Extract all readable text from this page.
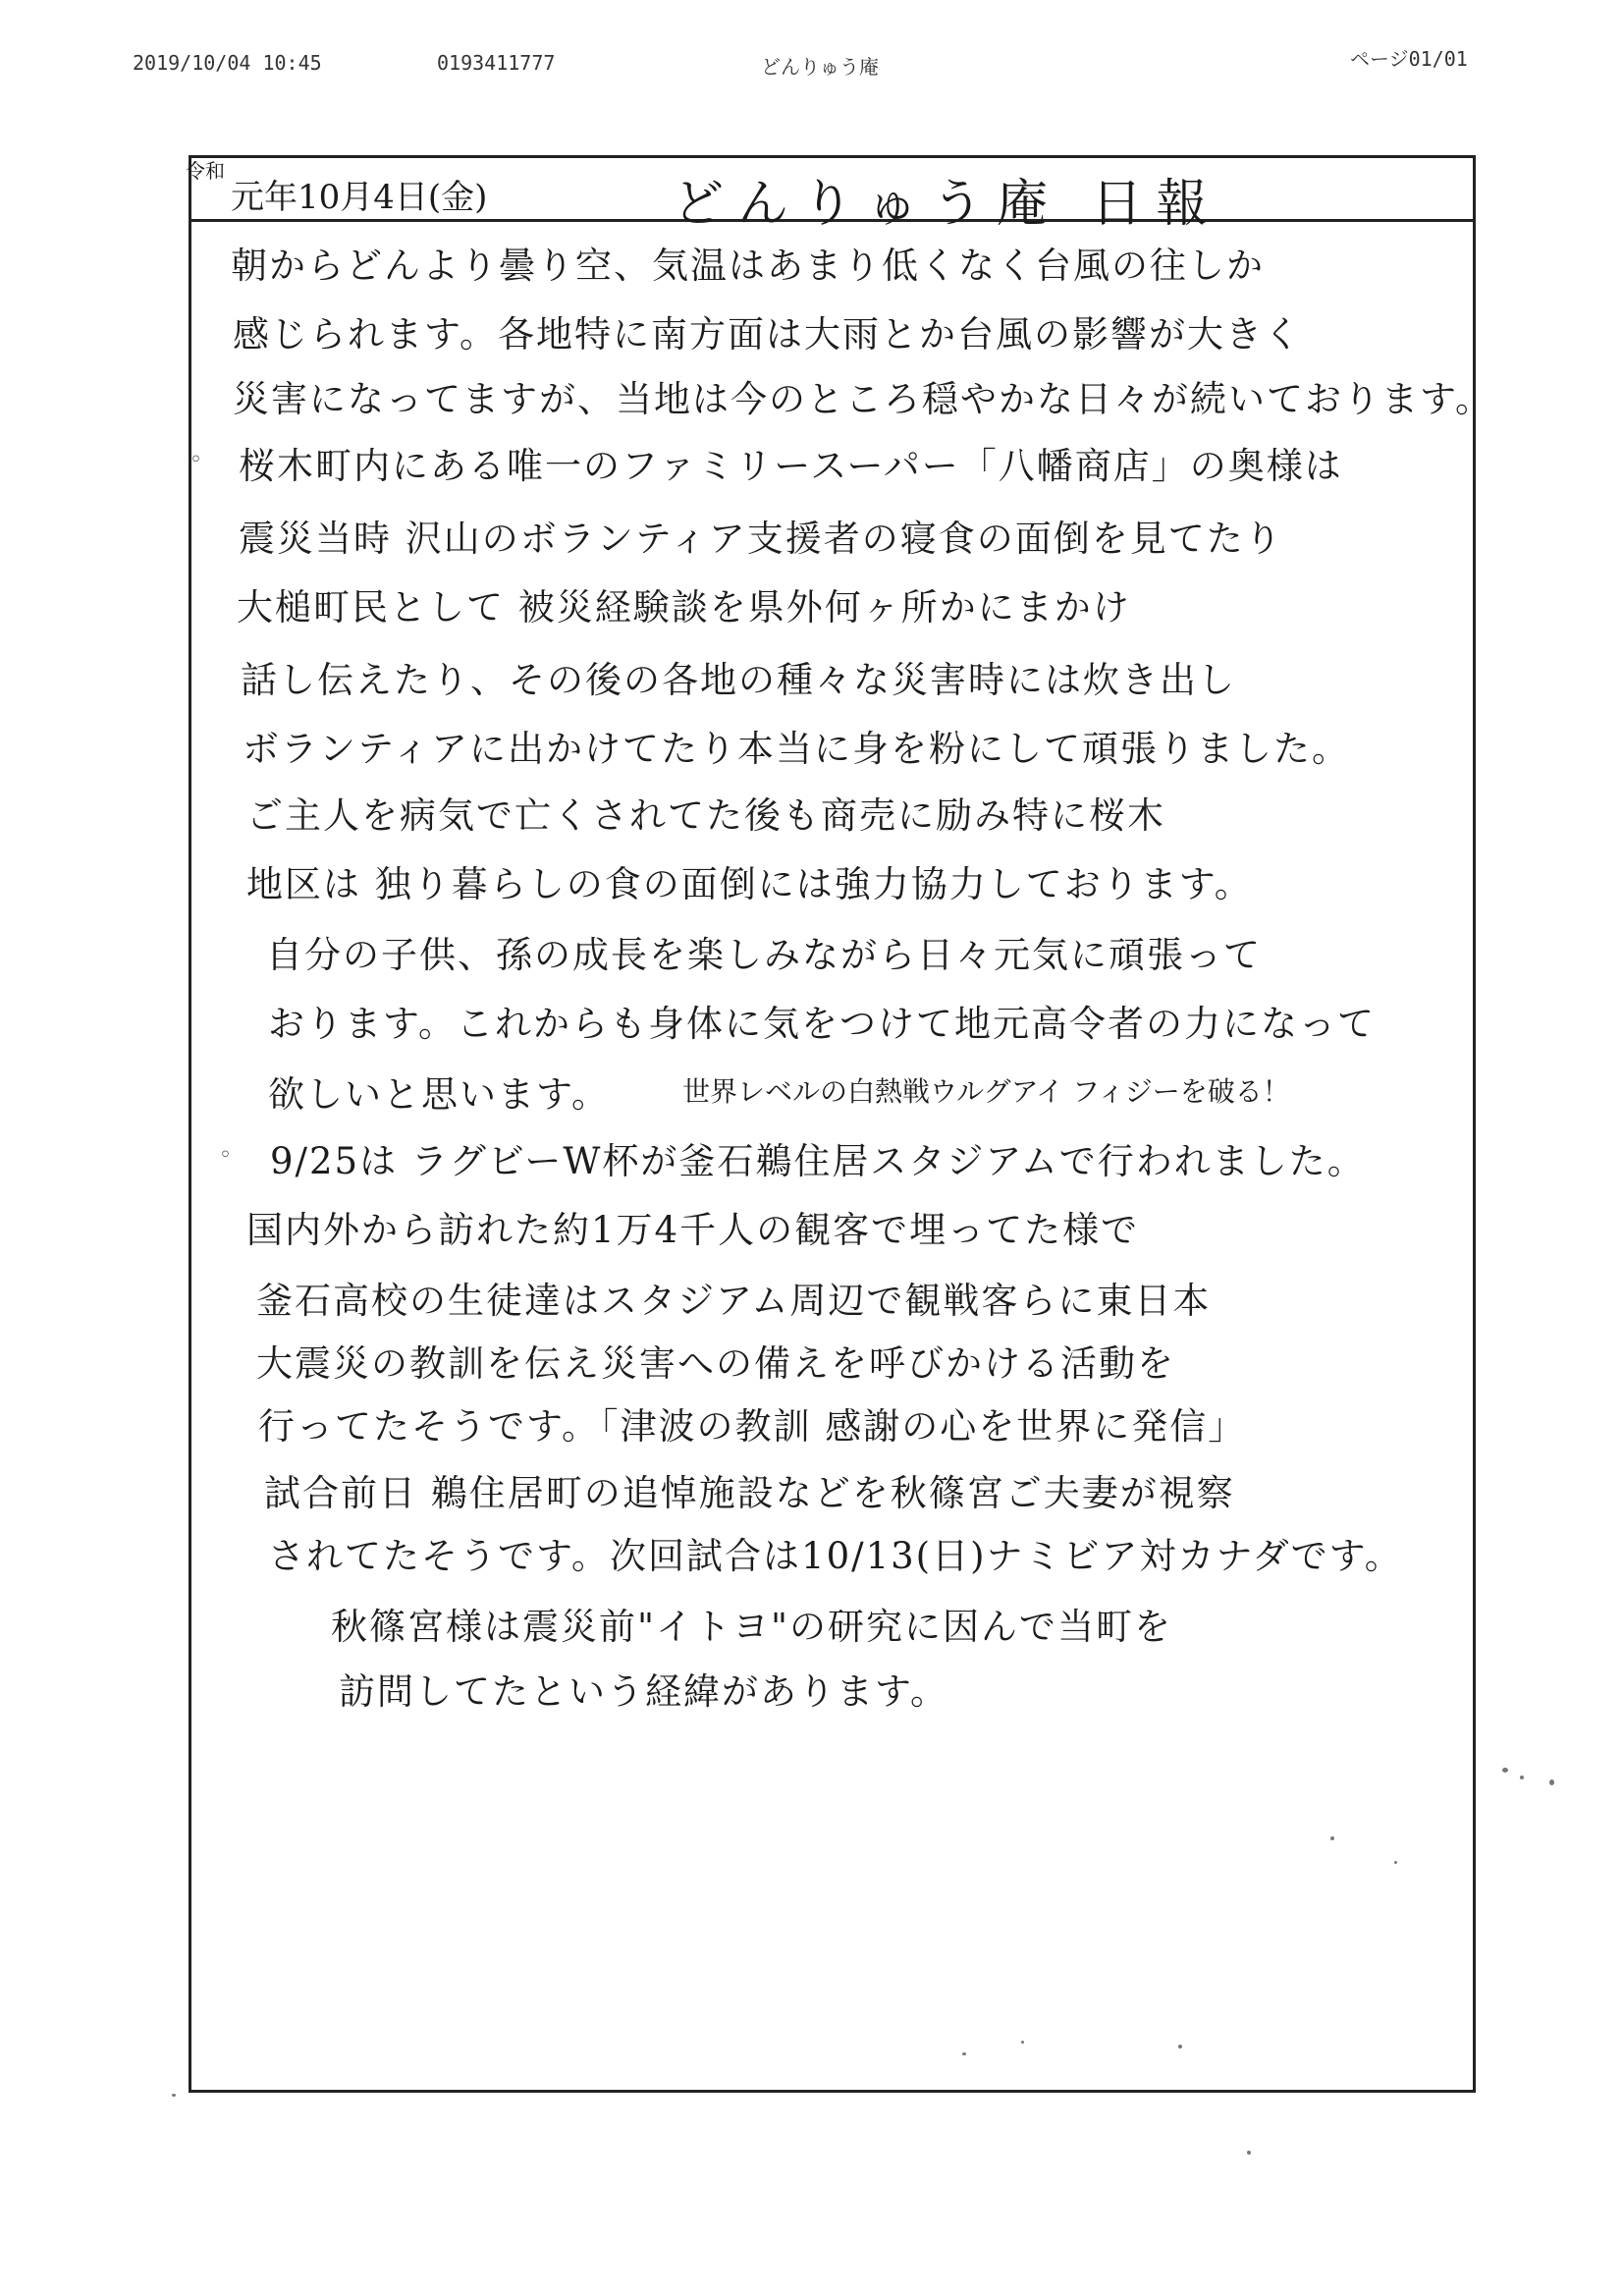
2019/10/04 10:45	0193411777	どんりゅう庵	ページ01/01
令和
元年10月4日(金)	どんりゅう庵 日報
朝からどんより曇り空、気温はあまり低くなく台風の往しか
感じられます。各地特に南方面は大雨とか台風の影響が大きく
災害になってますが、当地は今のところ穏やかな日々が続いております。
◦ 桜木町内にある唯一のファミリースーパー「八幡商店」の奥様は
震災当時 沢山のボランティア支援者の寝食の面倒を見てたり
大槌町民として 被災経験談を県外何ヶ所かにまかけ
話し伝えたり、その後の各地の種々な災害時には炊き出し
ボランティアに出かけてたり本当に身を粉にして頑張りました。
ご主人を病気で亡くされてた後も商売に励み特に桜木
地区は 独り暮らしの食の面倒には強力協力しております。
自分の子供、孫の成長を楽しみながら日々元気に頑張って
おります。これからも身体に気をつけて地元高令者の力になって
欲しいと思います。	世界レベルの白熱戦ウルグアイ フィジーを破る！
◦ 9/25は ラグビーW杯が釜石鵜住居スタジアムで行われました。
国内外から訪れた約1万4千人の観客で埋ってた様で
釜石高校の生徒達はスタジアム周辺で観戦客らに東日本
大震災の教訓を伝え災害への備えを呼びかける活動を
行ってたそうです。「津波の教訓 感謝の心を世界に発信」
試合前日 鵜住居町の追悼施設などを秋篠宮ご夫妻が視察
されてたそうです。次回試合は10/13(日)ナミビア対カナダです。
秋篠宮様は震災前"イトヨ"の研究に因んで当町を
訪問してたという経緯があります。
